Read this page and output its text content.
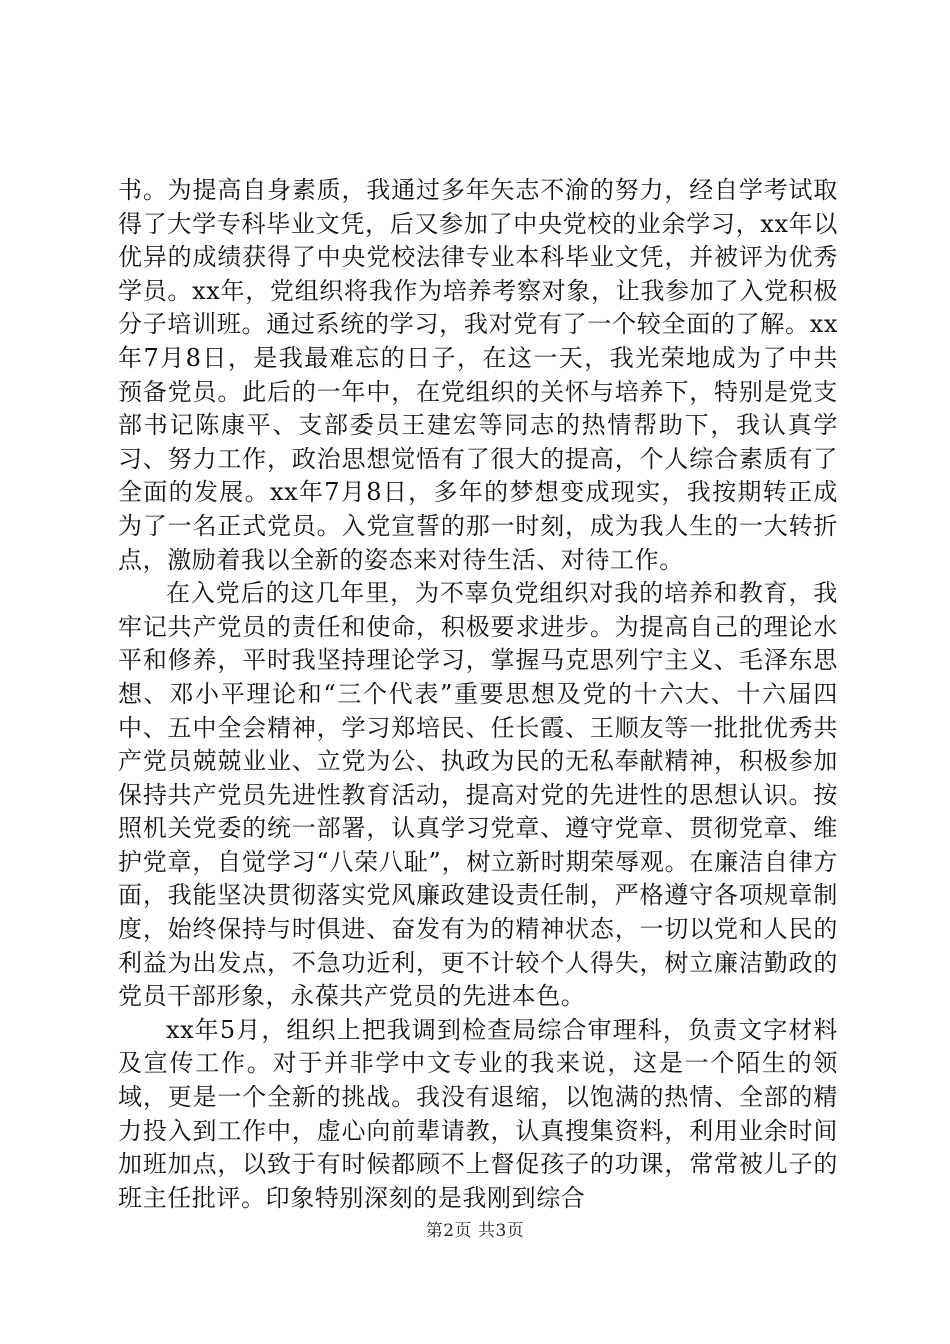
书。为提高自身素质，我通过多年矢志不渝的努力，经自学考试取得了大学专科毕业文凭，后又参加了中央党校的业余学习，xx年以优异的成绩获得了中央党校法律专业本科毕业文凭，并被评为优秀学员。xx年，党组织将我作为培养考察对象，让我参加了入党积极分子培训班。通过系统的学习，我对党有了一个较全面的了解。xx年7月8日，是我最难忘的日子，在这一天，我光荣地成为了中共预备党员。此后的一年中，在党组织的关怀与培养下，特别是党支部书记陈康平、支部委员王建宏等同志的热情帮助下，我认真学习、努力工作，政治思想觉悟有了很大的提高，个人综合素质有了全面的发展。xx年7月8日，多年的梦想变成现实，我按期转正成为了一名正式党员。入党宣誓的那一时刻，成为我人生的一大转折点，激励着我以全新的姿态来对待生活、对待工作。

在入党后的这几年里，为不辜负党组织对我的培养和教育，我牢记共产党员的责任和使命，积极要求进步。为提高自己的理论水平和修养，平时我坚持理论学习，掌握马克思列宁主义、毛泽东思想、邓小平理论和“三个代表”重要思想及党的十六大、十六届四中、五中全会精神，学习郑培民、任长霞、王顺友等一批批优秀共产党员兢兢业业、立党为公、执政为民的无私奉献精神，积极参加保持共产党员先进性教育活动，提高对党的先进性的思想认识。按照机关党委的统一部署，认真学习党章、遵守党章、贯彻党章、维护党章，自觉学习“八荣八耻”，树立新时期荣辱观。在廉洁自律方面，我能坚决贯彻落实党风廉政建设责任制，严格遵守各项规章制度，始终保持与时俱进、奋发有为的精神状态，一切以党和人民的利益为出发点，不急功近利，更不计较个人得失，树立廉洁勤政的党员干部形象，永葆共产党员的先进本色。

xx年5月，组织上把我调到检查局综合审理科，负责文字材料及宣传工作。对于并非学中文专业的我来说，这是一个陌生的领域，更是一个全新的挑战。我没有退缩，以饱满的热情、全部的精力投入到工作中，虚心向前辈请教，认真搜集资料，利用业余时间加班加点，以致于有时候都顾不上督促孩子的功课，常常被儿子的班主任批评。印象特别深刻的是我刚到综合

第2页 共3页
